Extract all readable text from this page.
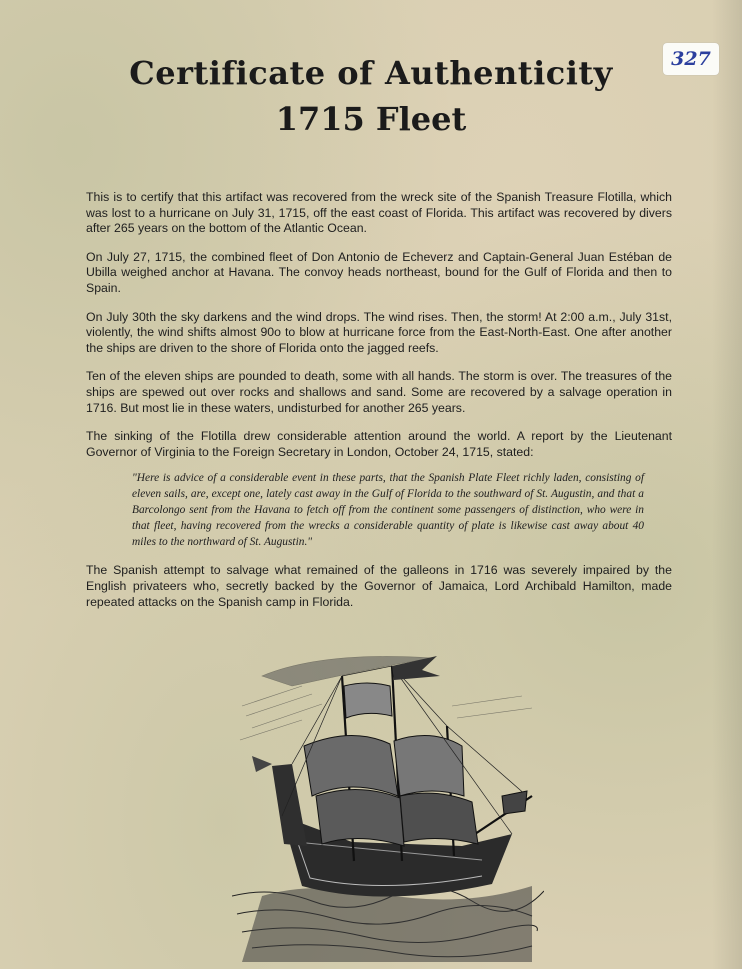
327
Certificate of Authenticity
1715 Fleet

This is to certify that this artifact was recovered from the wreck site of the Spanish Treasure Flotilla, which was lost to a hurricane on July 31, 1715, off the east coast of Florida. This artifact was recovered by divers after 265 years on the bottom of the Atlantic Ocean.

On July 27, 1715, the combined fleet of Don Antonio de Echeverz and Captain-General Juan Estéban de Ubilla weighed anchor at Havana. The convoy heads northeast, bound for the Gulf of Florida and then to Spain.

On July 30th the sky darkens and the wind drops. The wind rises. Then, the storm! At 2:00 a.m., July 31st, violently, the wind shifts almost 90o to blow at hurricane force from the East-North-East. One after another the ships are driven to the shore of Florida onto the jagged reefs.

Ten of the eleven ships are pounded to death, some with all hands. The storm is over. The treasures of the ships are spewed out over rocks and shallows and sand. Some are recovered by a salvage operation in 1716. But most lie in these waters, undisturbed for another 265 years.

The sinking of the Flotilla drew considerable attention around the world. A report by the Lieutenant Governor of Virginia to the Foreign Secretary in London, October 24, 1715, stated:

"Here is advice of a considerable event in these parts, that the Spanish Plate Fleet richly laden, consisting of eleven sails, are, except one, lately cast away in the Gulf of Florida to the southward of St. Augustin, and that a Barcolongo sent from the Havana to fetch off from the continent some passengers of distinction, who were in that fleet, having recovered from the wrecks a considerable quantity of plate is likewise cast away about 40 miles to the northward of St. Augustin."

The Spanish attempt to salvage what remained of the galleons in 1716 was severely impaired by the English privateers who, secretly backed by the Governor of Jamaica, Lord Archibald Hamilton, made repeated attacks on the Spanish camp in Florida.
